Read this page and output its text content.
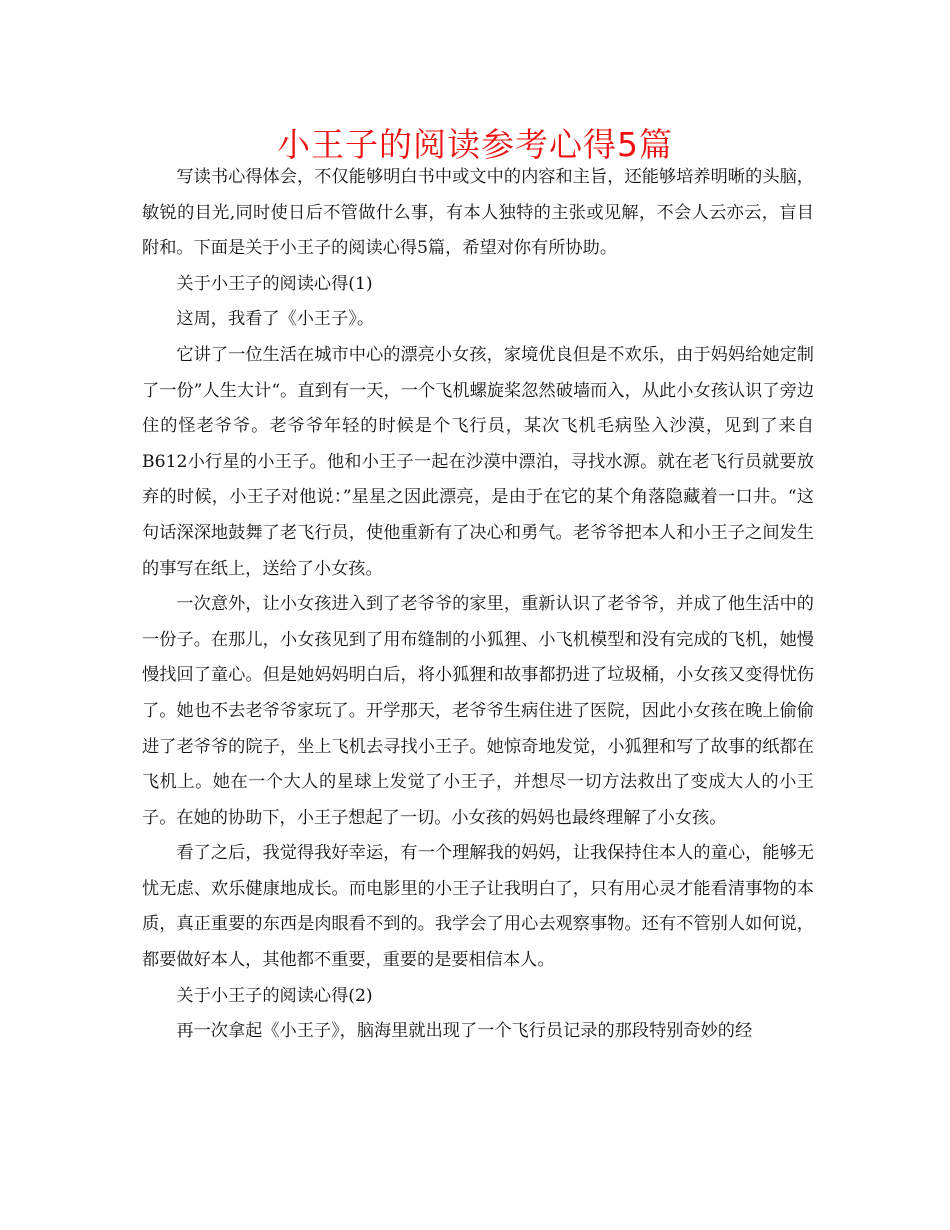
小王子的阅读参考心得5篇

写读书心得体会，不仅能够明白书中或文中的内容和主旨，还能够培养明晰的头脑，敏锐的目光,同时使日后不管做什么事，有本人独特的主张或见解，不会人云亦云，盲目附和。下面是关于小王子的阅读心得5篇，希望对你有所协助。

关于小王子的阅读心得(1)

这周，我看了《小王子》。

它讲了一位生活在城市中心的漂亮小女孩，家境优良但是不欢乐，由于妈妈给她定制了一份”人生大计“。直到有一天，一个飞机螺旋桨忽然破墙而入，从此小女孩认识了旁边住的怪老爷爷。老爷爷年轻的时候是个飞行员，某次飞机毛病坠入沙漠，见到了来自B612小行星的小王子。他和小王子一起在沙漠中漂泊，寻找水源。就在老飞行员就要放弃的时候，小王子对他说：”星星之因此漂亮，是由于在它的某个角落隐藏着一口井。“这句话深深地鼓舞了老飞行员，使他重新有了决心和勇气。老爷爷把本人和小王子之间发生的事写在纸上，送给了小女孩。

一次意外，让小女孩进入到了老爷爷的家里，重新认识了老爷爷，并成了他生活中的一份子。在那儿，小女孩见到了用布缝制的小狐狸、小飞机模型和没有完成的飞机，她慢慢找回了童心。但是她妈妈明白后，将小狐狸和故事都扔进了垃圾桶，小女孩又变得忧伤了。她也不去老爷爷家玩了。开学那天，老爷爷生病住进了医院，因此小女孩在晚上偷偷进了老爷爷的院子，坐上飞机去寻找小王子。她惊奇地发觉，小狐狸和写了故事的纸都在飞机上。她在一个大人的星球上发觉了小王子，并想尽一切方法救出了变成大人的小王子。在她的协助下，小王子想起了一切。小女孩的妈妈也最终理解了小女孩。

看了之后，我觉得我好幸运，有一个理解我的妈妈，让我保持住本人的童心，能够无忧无虑、欢乐健康地成长。而电影里的小王子让我明白了，只有用心灵才能看清事物的本质，真正重要的东西是肉眼看不到的。我学会了用心去观察事物。还有不管别人如何说，都要做好本人，其他都不重要，重要的是要相信本人。

关于小王子的阅读心得(2)

再一次拿起《小王子》，脑海里就出现了一个飞行员记录的那段特别奇妙的经
